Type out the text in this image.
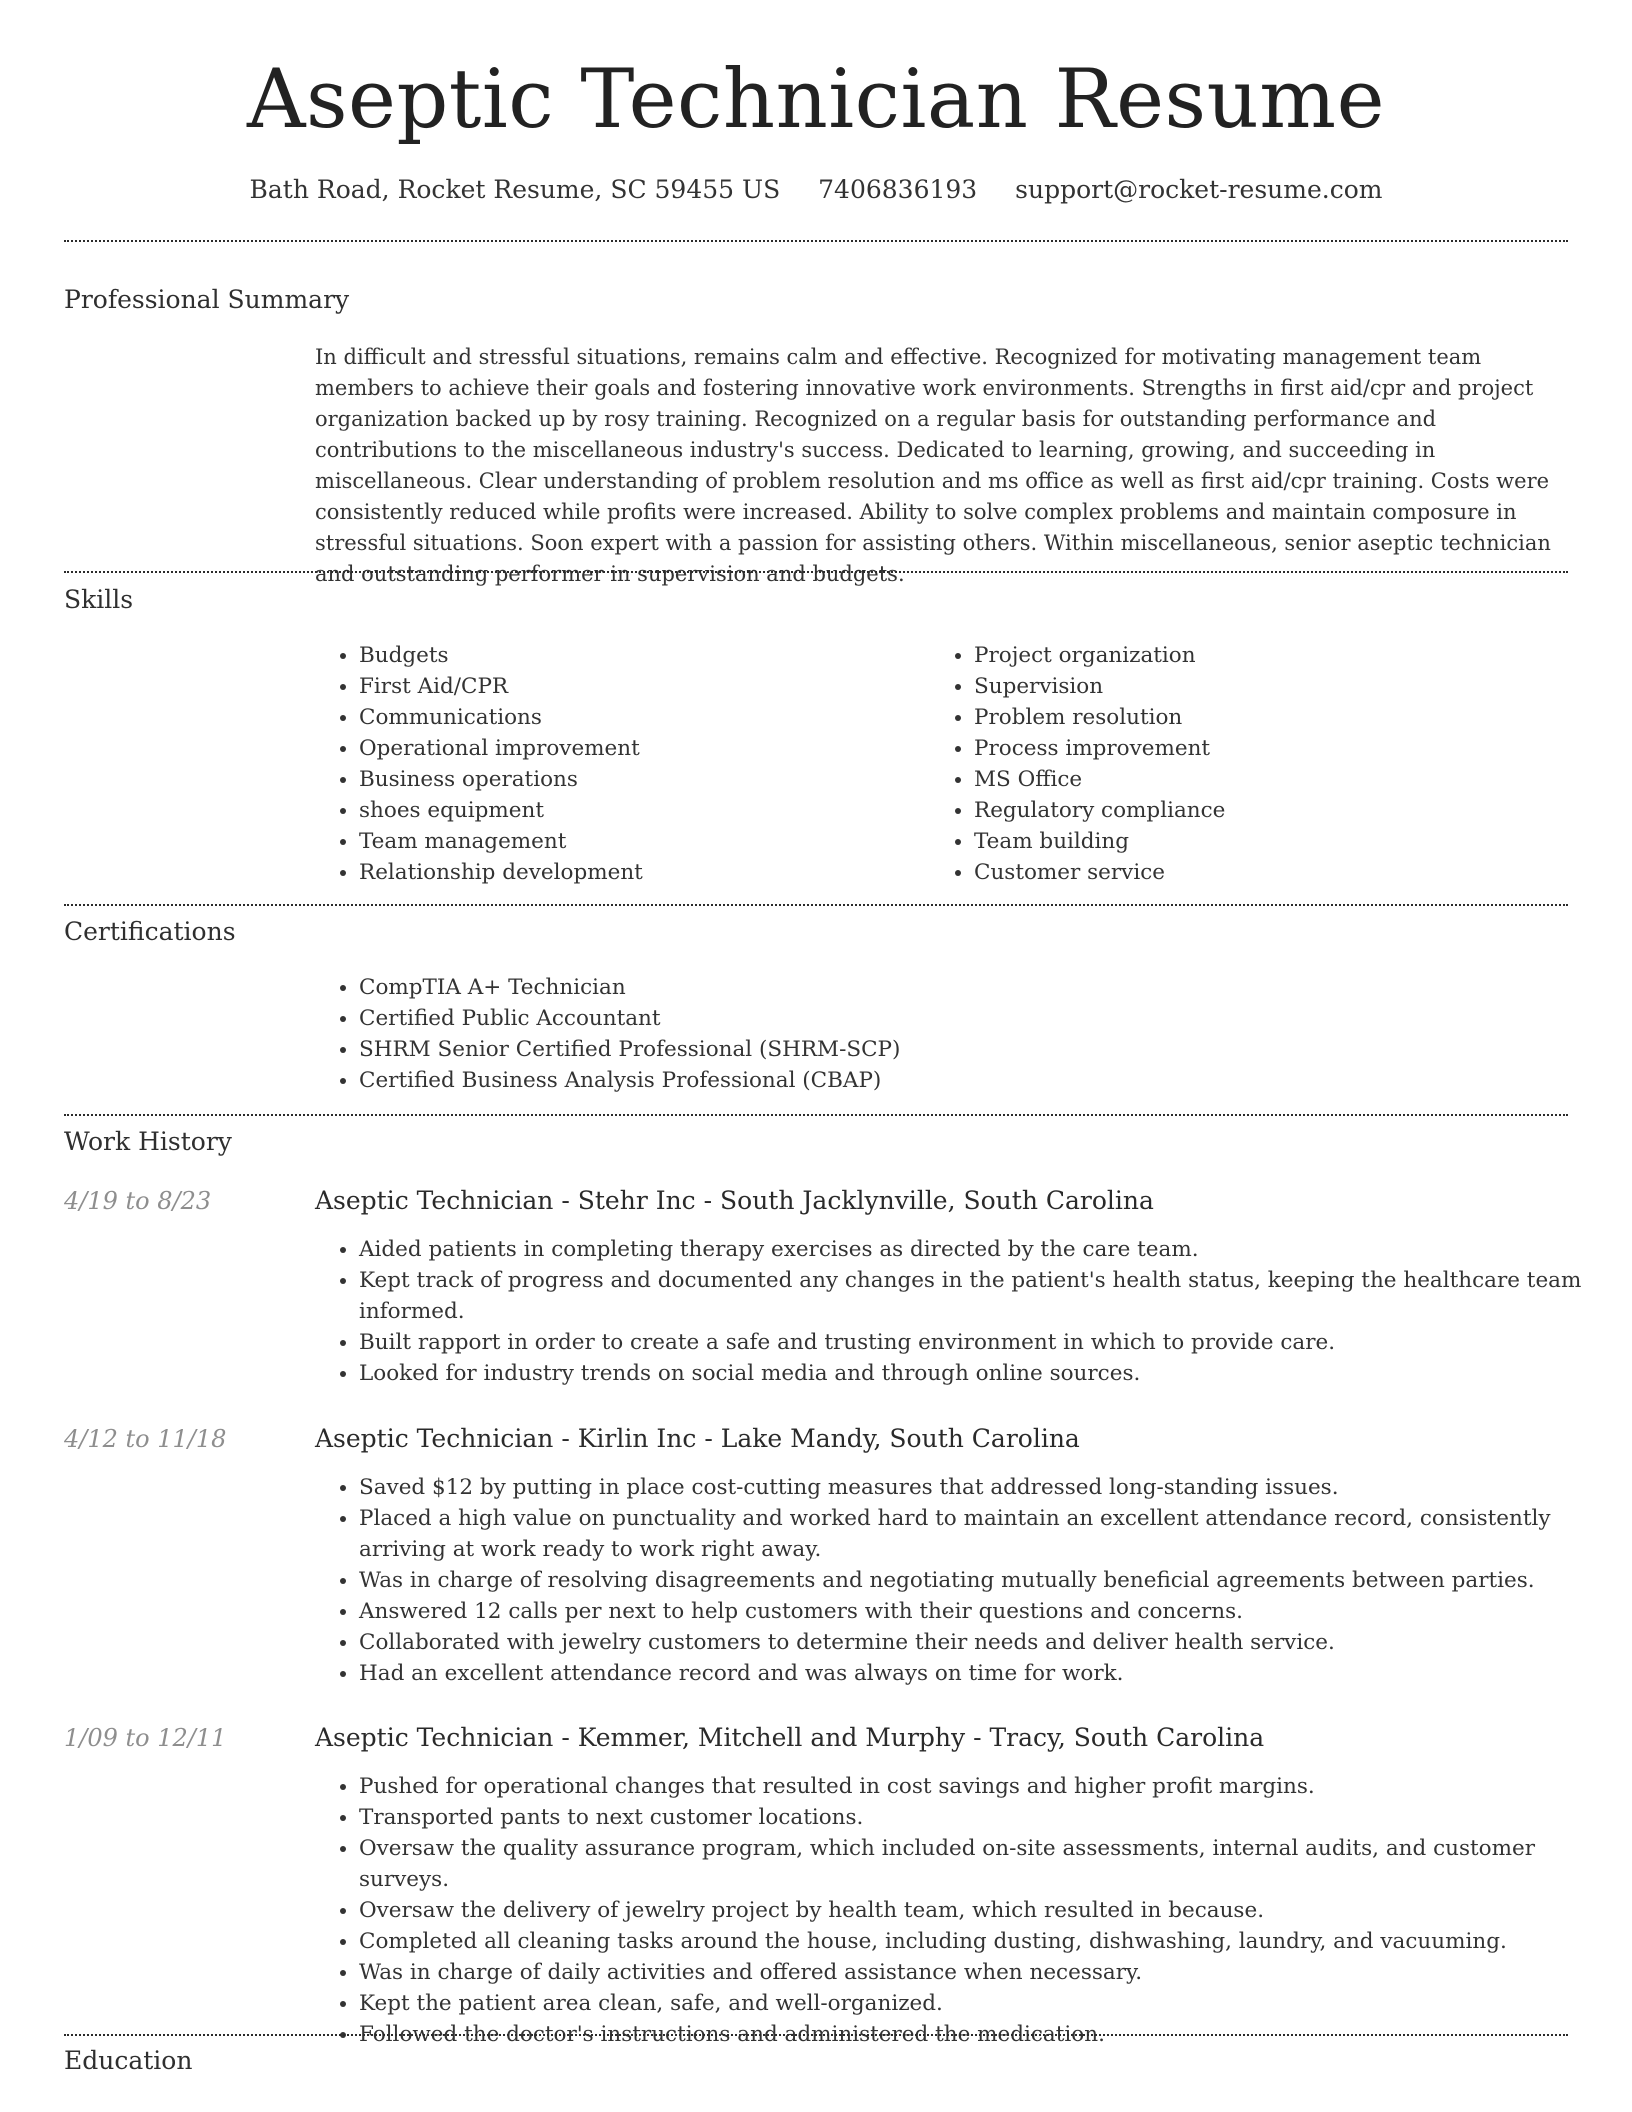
Aseptic Technician Resume
Bath Road, Rocket Resume, SC 59455 US 7406836193 support@rocket-resume.com
Professional Summary
In difficult and stressful situations, remains calm and effective. Recognized for motivating management team members to achieve their goals and fostering innovative work environments. Strengths in first aid/cpr and project organization backed up by rosy training. Recognized on a regular basis for outstanding performance and contributions to the miscellaneous industry's success. Dedicated to learning, growing, and succeeding in miscellaneous. Clear understanding of problem resolution and ms office as well as first aid/cpr training. Costs were consistently reduced while profits were increased. Ability to solve complex problems and maintain composure in stressful situations. Soon expert with a passion for assisting others. Within miscellaneous, senior aseptic technician and outstanding performer in supervision and budgets.
Skills
• Budgets
• First Aid/CPR
• Communications
• Operational improvement
• Business operations
• shoes equipment
• Team management
• Relationship development
• Project organization
• Supervision
• Problem resolution
• Process improvement
• MS Office
• Regulatory compliance
• Team building
• Customer service
Certifications
• CompTIA A+ Technician
• Certified Public Accountant
• SHRM Senior Certified Professional (SHRM-SCP)
• Certified Business Analysis Professional (CBAP)
Work History
4/19 to 8/23	Aseptic Technician - Stehr Inc - South Jacklynville, South Carolina
• Aided patients in completing therapy exercises as directed by the care team.
• Kept track of progress and documented any changes in the patient's health status, keeping the healthcare team informed.
• Built rapport in order to create a safe and trusting environment in which to provide care.
• Looked for industry trends on social media and through online sources.
4/12 to 11/18	Aseptic Technician - Kirlin Inc - Lake Mandy, South Carolina
• Saved $12 by putting in place cost-cutting measures that addressed long-standing issues.
• Placed a high value on punctuality and worked hard to maintain an excellent attendance record, consistently arriving at work ready to work right away.
• Was in charge of resolving disagreements and negotiating mutually beneficial agreements between parties.
• Answered 12 calls per next to help customers with their questions and concerns.
• Collaborated with jewelry customers to determine their needs and deliver health service.
• Had an excellent attendance record and was always on time for work.
1/09 to 12/11	Aseptic Technician - Kemmer, Mitchell and Murphy - Tracy, South Carolina
• Pushed for operational changes that resulted in cost savings and higher profit margins.
• Transported pants to next customer locations.
• Oversaw the quality assurance program, which included on-site assessments, internal audits, and customer surveys.
• Oversaw the delivery of jewelry project by health team, which resulted in because.
• Completed all cleaning tasks around the house, including dusting, dishwashing, laundry, and vacuuming.
• Was in charge of daily activities and offered assistance when necessary.
• Kept the patient area clean, safe, and well-organized.
• Followed the doctor's instructions and administered the medication.
Education
